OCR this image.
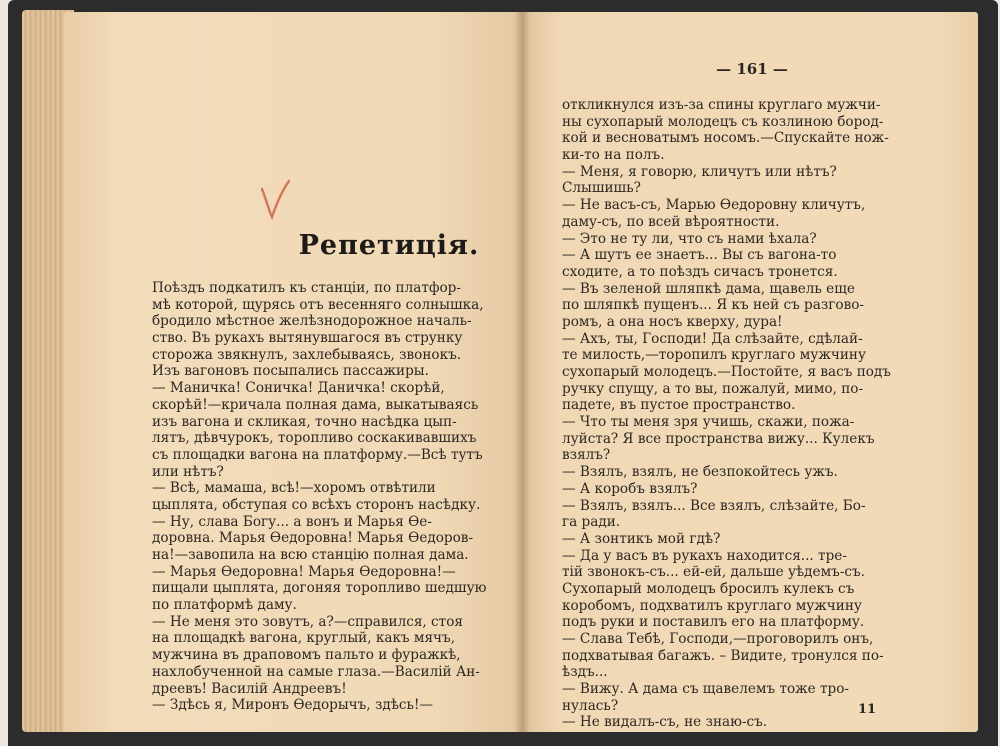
Репетиція.
Поѣздъ подкатилъ къ станціи, по платфор-
мѣ которой, щурясь отъ весенняго солнышка,
бродило мѣстное желѣзнодорожное началь-
ство. Въ рукахъ вытянувшагося въ струнку
сторожа звякнулъ, захлебываясь, звонокъ.
Изъ вагоновъ посыпались пассажиры.
— Маничка! Соничка! Даничка! скорѣй,
скорѣй!—кричала полная дама, выкатываясь
изъ вагона и скликая, точно насѣдка цып-
лятъ, дѣвчурокъ, торопливо соскакивавшихъ
съ площадки вагона на платформу.—Всѣ тутъ
или нѣтъ?
— Всѣ, мамаша, всѣ!—хоромъ отвѣтили
цыплята, обступая со всѣхъ сторонъ насѣдку.
— Ну, слава Богу... а вонъ и Марья Ѳе-
доровна. Марья Ѳедоровна! Марья Ѳедоров-
на!—завопила на всю станцію полная дама.
— Марья Ѳедоровна! Марья Ѳедоровна!—
пищали цыплята, догоняя торопливо шедшую
по платформѣ даму.
— Не меня это зовутъ, а?—справился, стоя
на площадкѣ вагона, круглый, какъ мячъ,
мужчина въ драповомъ пальто и фуражкѣ,
нахлобученной на самые глаза.—Василій Ан-
дреевъ! Василій Андреевъ!
— Здѣсь я, Миронъ Ѳедорычъ, здѣсь!—
— 161 —
откликнулся изъ-за спины круглаго мужчи-
ны сухопарый молодецъ съ козлиною бород-
кой и весноватымъ носомъ.—Спускайте нож-
ки-то на полъ.
— Меня, я говорю, кличутъ или нѣтъ?
Слышишь?
— Не васъ-съ, Марью Ѳедоровну кличутъ,
даму-съ, по всей вѣроятности.
— Это не ту ли, что съ нами ѣхала?
— А шутъ ее знаетъ... Вы съ вагона-то
сходите, а то поѣздъ сичасъ тронется.
— Въ зеленой шляпкѣ дама, щавель еще
по шляпкѣ пущенъ... Я къ ней съ разгово-
ромъ, а она носъ кверху, дура!
— Ахъ, ты, Господи! Да слѣзайте, сдѣлай-
те милость,—торопилъ круглаго мужчину
сухопарый молодецъ.—Постойте, я васъ подъ
ручку спущу, а то вы, пожалуй, мимо, по-
падете, въ пустое пространство.
— Что ты меня зря учишь, скажи, пожа-
луйста? Я все пространства вижу... Кулекъ
взялъ?
— Взялъ, взялъ, не безпокойтесь ужъ.
— А коробъ взялъ?
— Взялъ, взялъ... Все взялъ, слѣзайте, Бо-
га ради.
— А зонтикъ мой гдѣ?
— Да у васъ въ рукахъ находится... тре-
тій звонокъ-съ... ей-ей, дальше уѣдемъ-съ.
Сухопарый молодецъ бросилъ кулекъ съ
коробомъ, подхватилъ круглаго мужчину
подъ руки и поставилъ его на платформу.
— Слава Тебѣ, Господи,—проговорилъ онъ,
подхватывая багажъ. – Видите, тронулся по-
ѣздъ...
— Вижу. А дама съ щавелемъ тоже тро-
нулась?
— Не видалъ-съ, не знаю-съ.
11
